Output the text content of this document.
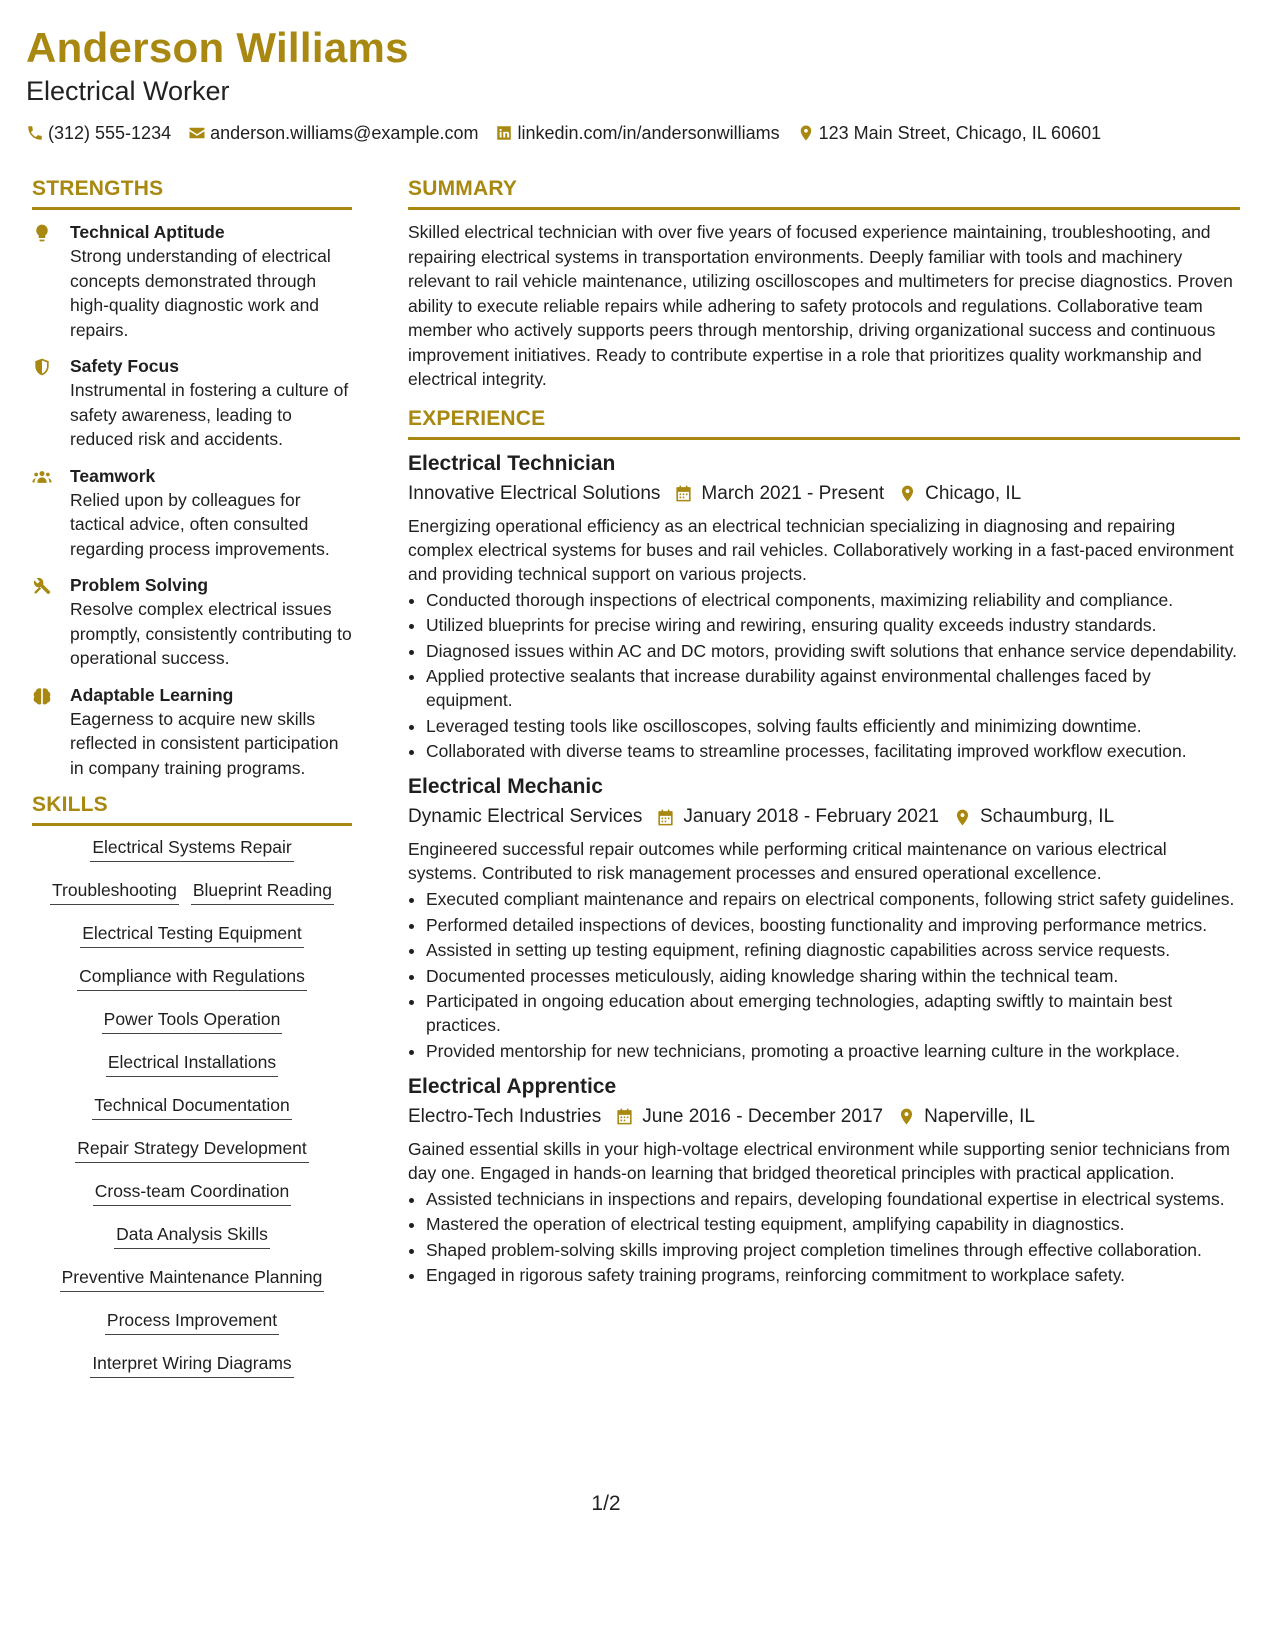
Anderson Williams
Electrical Worker
(312) 555-1234 anderson.williams@example.com linkedin.com/in/andersonwilliams 123 Main Street, Chicago, IL 60601
STRENGTHS
Technical Aptitude
Strong understanding of electrical concepts demonstrated through high-quality diagnostic work and repairs.
Safety Focus
Instrumental in fostering a culture of safety awareness, leading to reduced risk and accidents.
Teamwork
Relied upon by colleagues for tactical advice, often consulted regarding process improvements.
Problem Solving
Resolve complex electrical issues promptly, consistently contributing to operational success.
Adaptable Learning
Eagerness to acquire new skills reflected in consistent participation in company training programs.
SKILLS
Electrical Systems Repair
Troubleshooting Blueprint Reading
Electrical Testing Equipment
Compliance with Regulations
Power Tools Operation
Electrical Installations
Technical Documentation
Repair Strategy Development
Cross-team Coordination
Data Analysis Skills
Preventive Maintenance Planning
Process Improvement
Interpret Wiring Diagrams
SUMMARY

Skilled electrical technician with over five years of focused experience maintaining, troubleshooting, and repairing electrical systems in transportation environments. Deeply familiar with tools and machinery relevant to rail vehicle maintenance, utilizing oscilloscopes and multimeters for precise diagnostics. Proven ability to execute reliable repairs while adhering to safety protocols and regulations. Collaborative team member who actively supports peers through mentorship, driving organizational success and continuous improvement initiatives. Ready to contribute expertise in a role that prioritizes quality workmanship and electrical integrity.

EXPERIENCE
Electrical Technician
Innovative Electrical Solutions March 2021 - Present Chicago, IL
Energizing operational efficiency as an electrical technician specializing in diagnosing and repairing complex electrical systems for buses and rail vehicles. Collaboratively working in a fast-paced environment and providing technical support on various projects.
• Conducted thorough inspections of electrical components, maximizing reliability and compliance.
• Utilized blueprints for precise wiring and rewiring, ensuring quality exceeds industry standards.
• Diagnosed issues within AC and DC motors, providing swift solutions that enhance service dependability.
• Applied protective sealants that increase durability against environmental challenges faced by equipment.
• Leveraged testing tools like oscilloscopes, solving faults efficiently and minimizing downtime.
• Collaborated with diverse teams to streamline processes, facilitating improved workflow execution.
Electrical Mechanic
Dynamic Electrical Services January 2018 - February 2021 Schaumburg, IL
Engineered successful repair outcomes while performing critical maintenance on various electrical systems. Contributed to risk management processes and ensured operational excellence.
• Executed compliant maintenance and repairs on electrical components, following strict safety guidelines.
• Performed detailed inspections of devices, boosting functionality and improving performance metrics.
• Assisted in setting up testing equipment, refining diagnostic capabilities across service requests.
• Documented processes meticulously, aiding knowledge sharing within the technical team.
• Participated in ongoing education about emerging technologies, adapting swiftly to maintain best practices.
• Provided mentorship for new technicians, promoting a proactive learning culture in the workplace.
Electrical Apprentice
Electro-Tech Industries June 2016 - December 2017 Naperville, IL
Gained essential skills in your high-voltage electrical environment while supporting senior technicians from day one. Engaged in hands-on learning that bridged theoretical principles with practical application.
• Assisted technicians in inspections and repairs, developing foundational expertise in electrical systems.
• Mastered the operation of electrical testing equipment, amplifying capability in diagnostics.
• Shaped problem-solving skills improving project completion timelines through effective collaboration.
• Engaged in rigorous safety training programs, reinforcing commitment to workplace safety.
1/2
